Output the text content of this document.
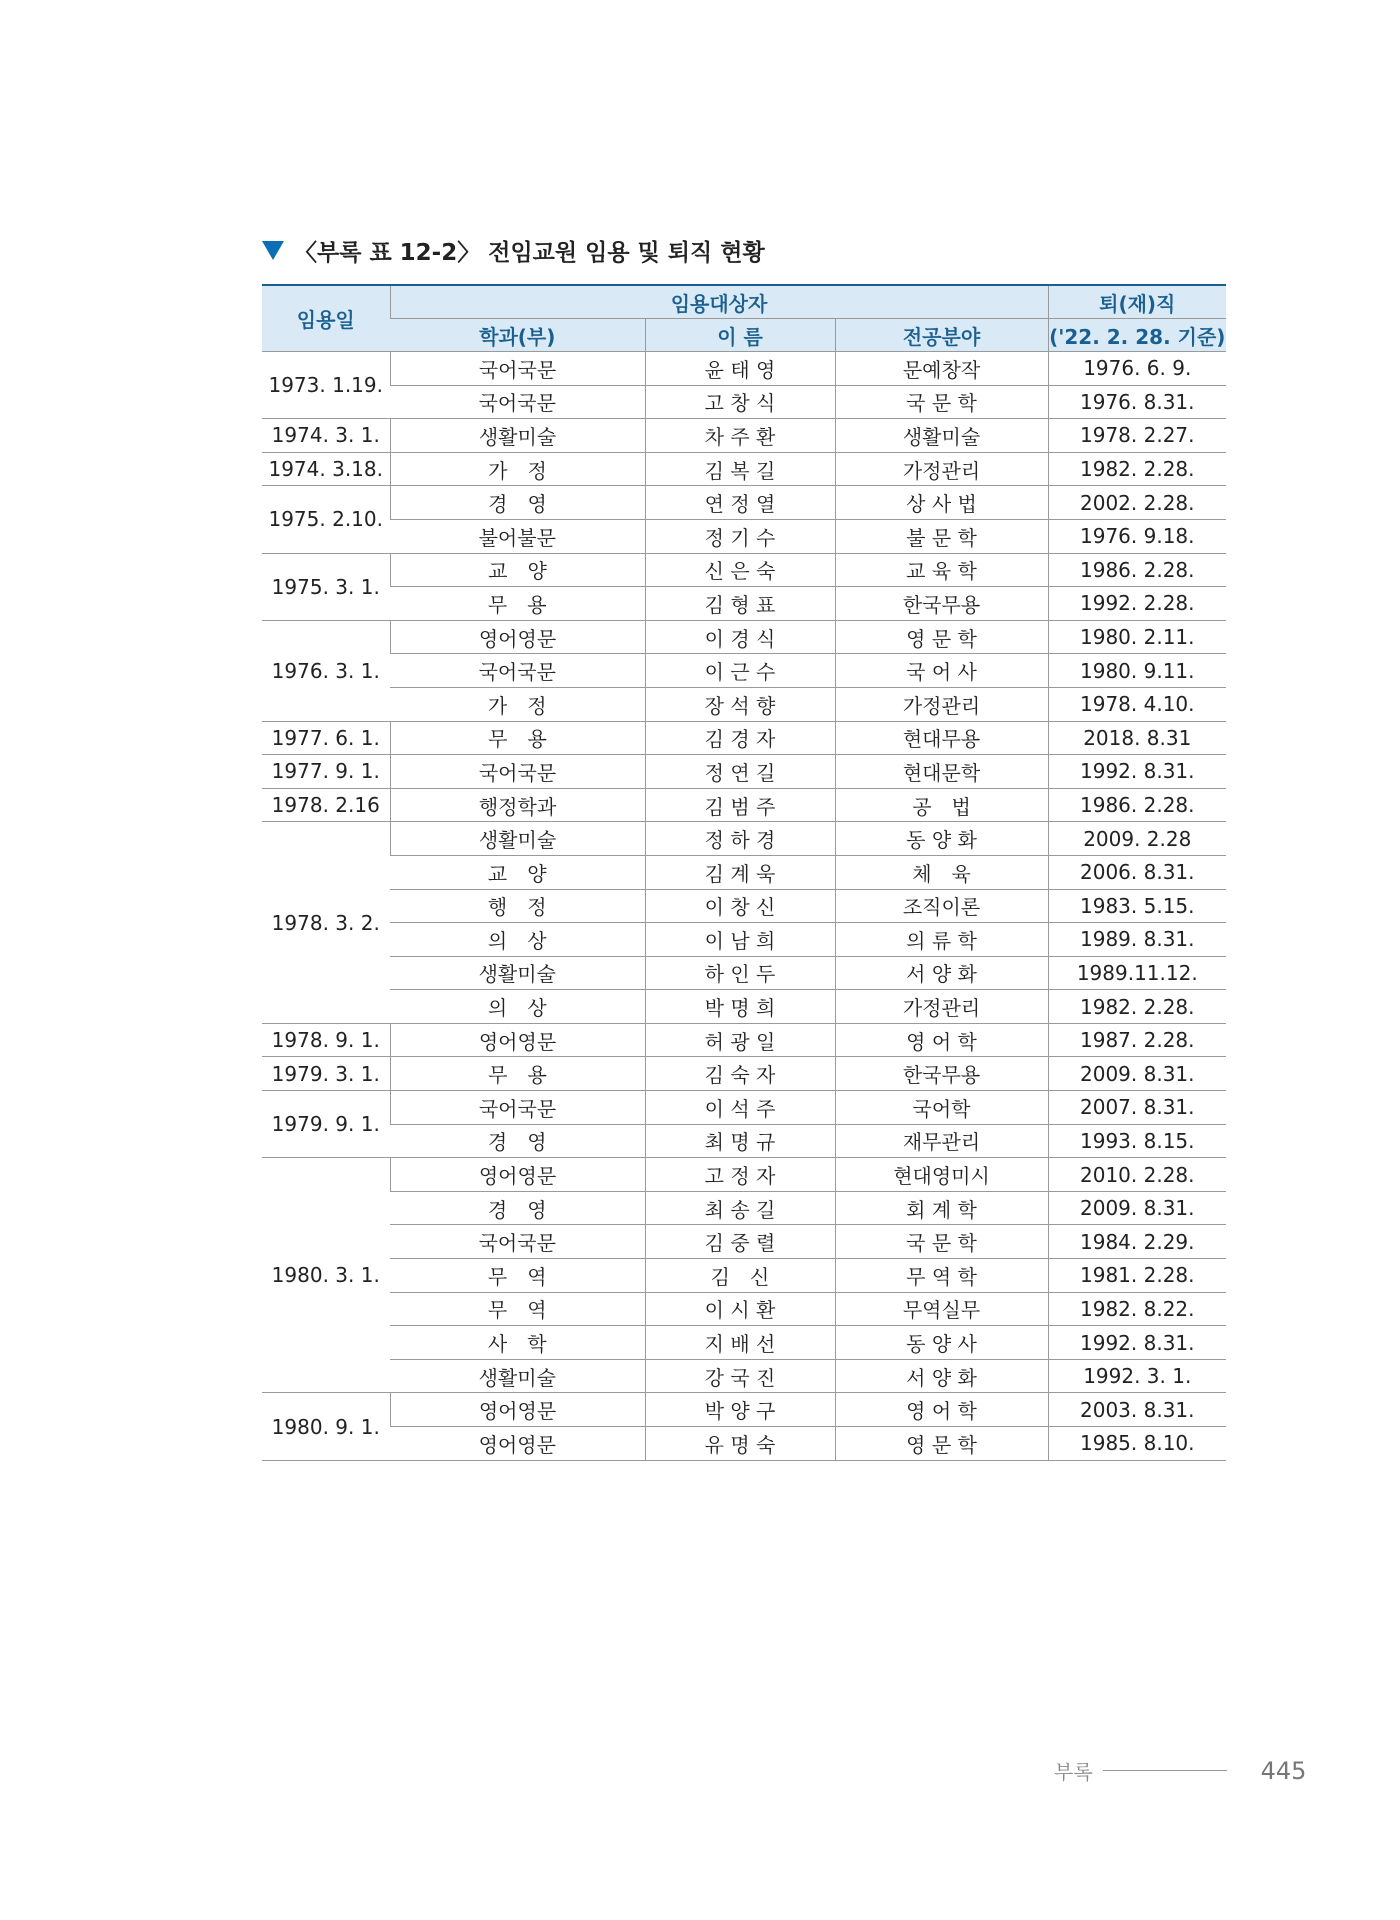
〈부록 표 12-2〉 전임교원 임용 및 퇴직 현황
임용일	임용대상자			퇴(재)직
	학과(부)	이 름	전공분야	('22. 2. 28. 기준)
1973. 1.19.	국어국문	윤 태 영	문예창작	1976. 6. 9.
	국어국문	고 창 식	국 문 학	1976. 8.31.
1974. 3. 1.	생활미술	차 주 환	생활미술	1978. 2.27.
1974. 3.18.	가　정	김 복 길	가정관리	1982. 2.28.
1975. 2.10.	경　영	연 정 열	상 사 법	2002. 2.28.
	불어불문	정 기 수	불 문 학	1976. 9.18.
1975. 3. 1.	교　양	신 은 숙	교 육 학	1986. 2.28.
	무　용	김 형 표	한국무용	1992. 2.28.
1976. 3. 1.	영어영문	이 경 식	영 문 학	1980. 2.11.
	국어국문	이 근 수	국 어 사	1980. 9.11.
	가　정	장 석 향	가정관리	1978. 4.10.
1977. 6. 1.	무　용	김 경 자	현대무용	2018. 8.31
1977. 9. 1.	국어국문	정 연 길	현대문학	1992. 8.31.
1978. 2.16	행정학과	김 범 주	공　법	1986. 2.28.
1978. 3. 2.	생활미술	정 하 경	동 양 화	2009. 2.28
	교　양	김 계 욱	체　육	2006. 8.31.
	행　정	이 창 신	조직이론	1983. 5.15.
	의　상	이 남 희	의 류 학	1989. 8.31.
	생활미술	하 인 두	서 양 화	1989.11.12.
	의　상	박 명 희	가정관리	1982. 2.28.
1978. 9. 1.	영어영문	허 광 일	영 어 학	1987. 2.28.
1979. 3. 1.	무　용	김 숙 자	한국무용	2009. 8.31.
1979. 9. 1.	국어국문	이 석 주	국어학	2007. 8.31.
	경　영	최 명 규	재무관리	1993. 8.15.
1980. 3. 1.	영어영문	고 정 자	현대영미시	2010. 2.28.
	경　영	최 송 길	회 계 학	2009. 8.31.
	국어국문	김 중 렬	국 문 학	1984. 2.29.
	무　역	김　신	무 역 학	1981. 2.28.
	무　역	이 시 환	무역실무	1982. 8.22.
	사　학	지 배 선	동 양 사	1992. 8.31.
	생활미술	강 국 진	서 양 화	1992. 3. 1.
1980. 9. 1.	영어영문	박 양 구	영 어 학	2003. 8.31.
	영어영문	유 명 숙	영 문 학	1985. 8.10.
부록	445
